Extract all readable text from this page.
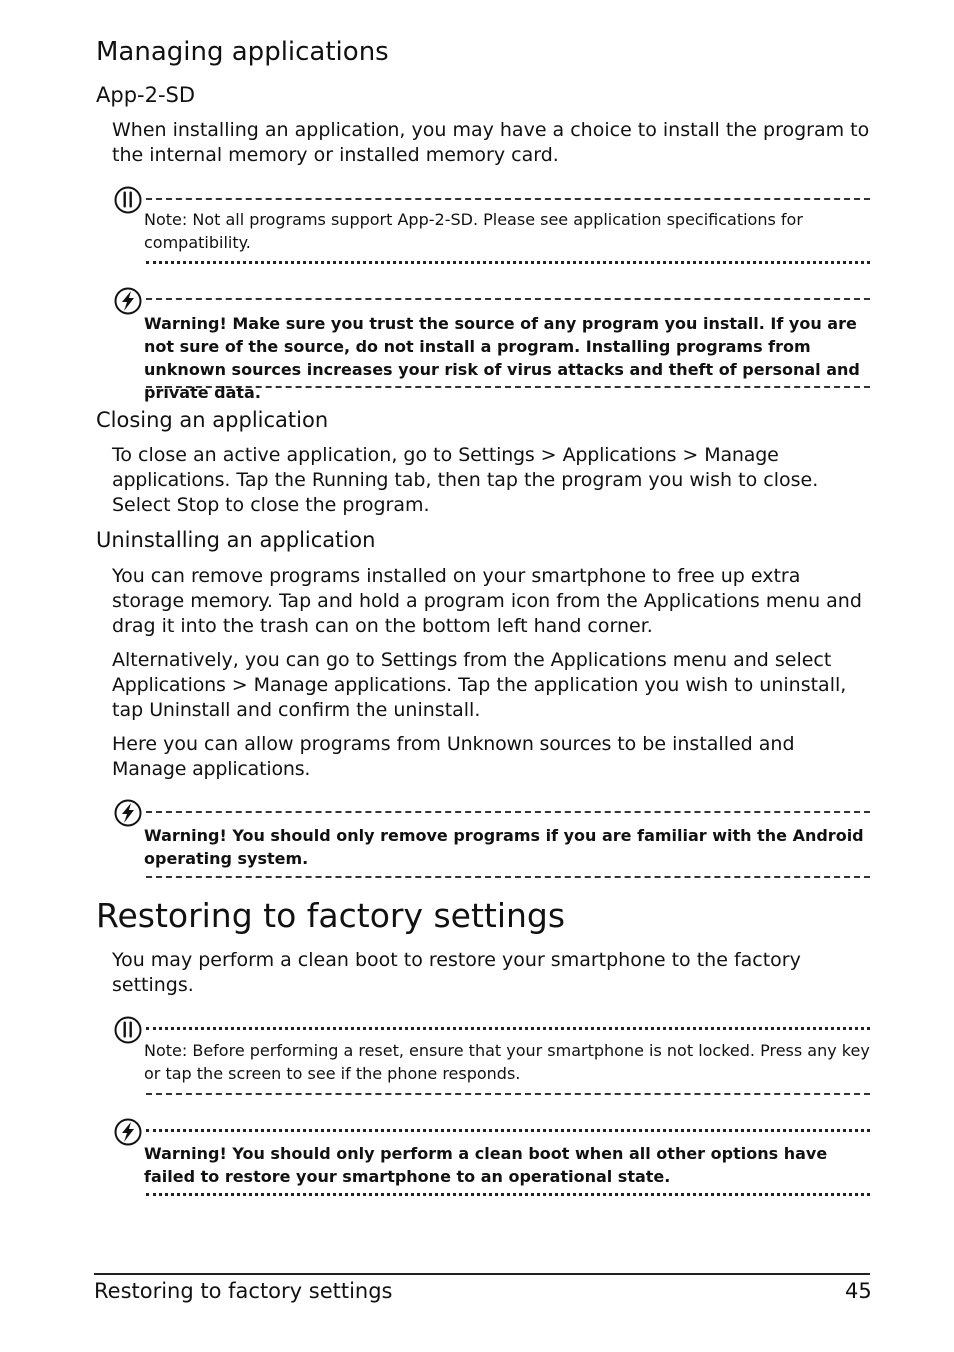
Managing applications
App-2-SD
When installing an application, you may have a choice to install the program to the internal memory or installed memory card.
Note: Not all programs support App-2-SD. Please see application specifications for compatibility.
Warning! Make sure you trust the source of any program you install. If you are not sure of the source, do not install a program. Installing programs from unknown sources increases your risk of virus attacks and theft of personal and private data.
Closing an application
To close an active application, go to Settings > Applications > Manage applications. Tap the Running tab, then tap the program you wish to close. Select Stop to close the program.
Uninstalling an application
You can remove programs installed on your smartphone to free up extra storage memory. Tap and hold a program icon from the Applications menu and drag it into the trash can on the bottom left hand corner.
Alternatively, you can go to Settings from the Applications menu and select Applications > Manage applications. Tap the application you wish to uninstall, tap Uninstall and confirm the uninstall.
Here you can allow programs from Unknown sources to be installed and Manage applications.
Warning! You should only remove programs if you are familiar with the Android operating system.
Restoring to factory settings
You may perform a clean boot to restore your smartphone to the factory settings.
Note: Before performing a reset, ensure that your smartphone is not locked. Press any key or tap the screen to see if the phone responds.
Warning! You should only perform a clean boot when all other options have failed to restore your smartphone to an operational state.
Restoring to factory settings	45
